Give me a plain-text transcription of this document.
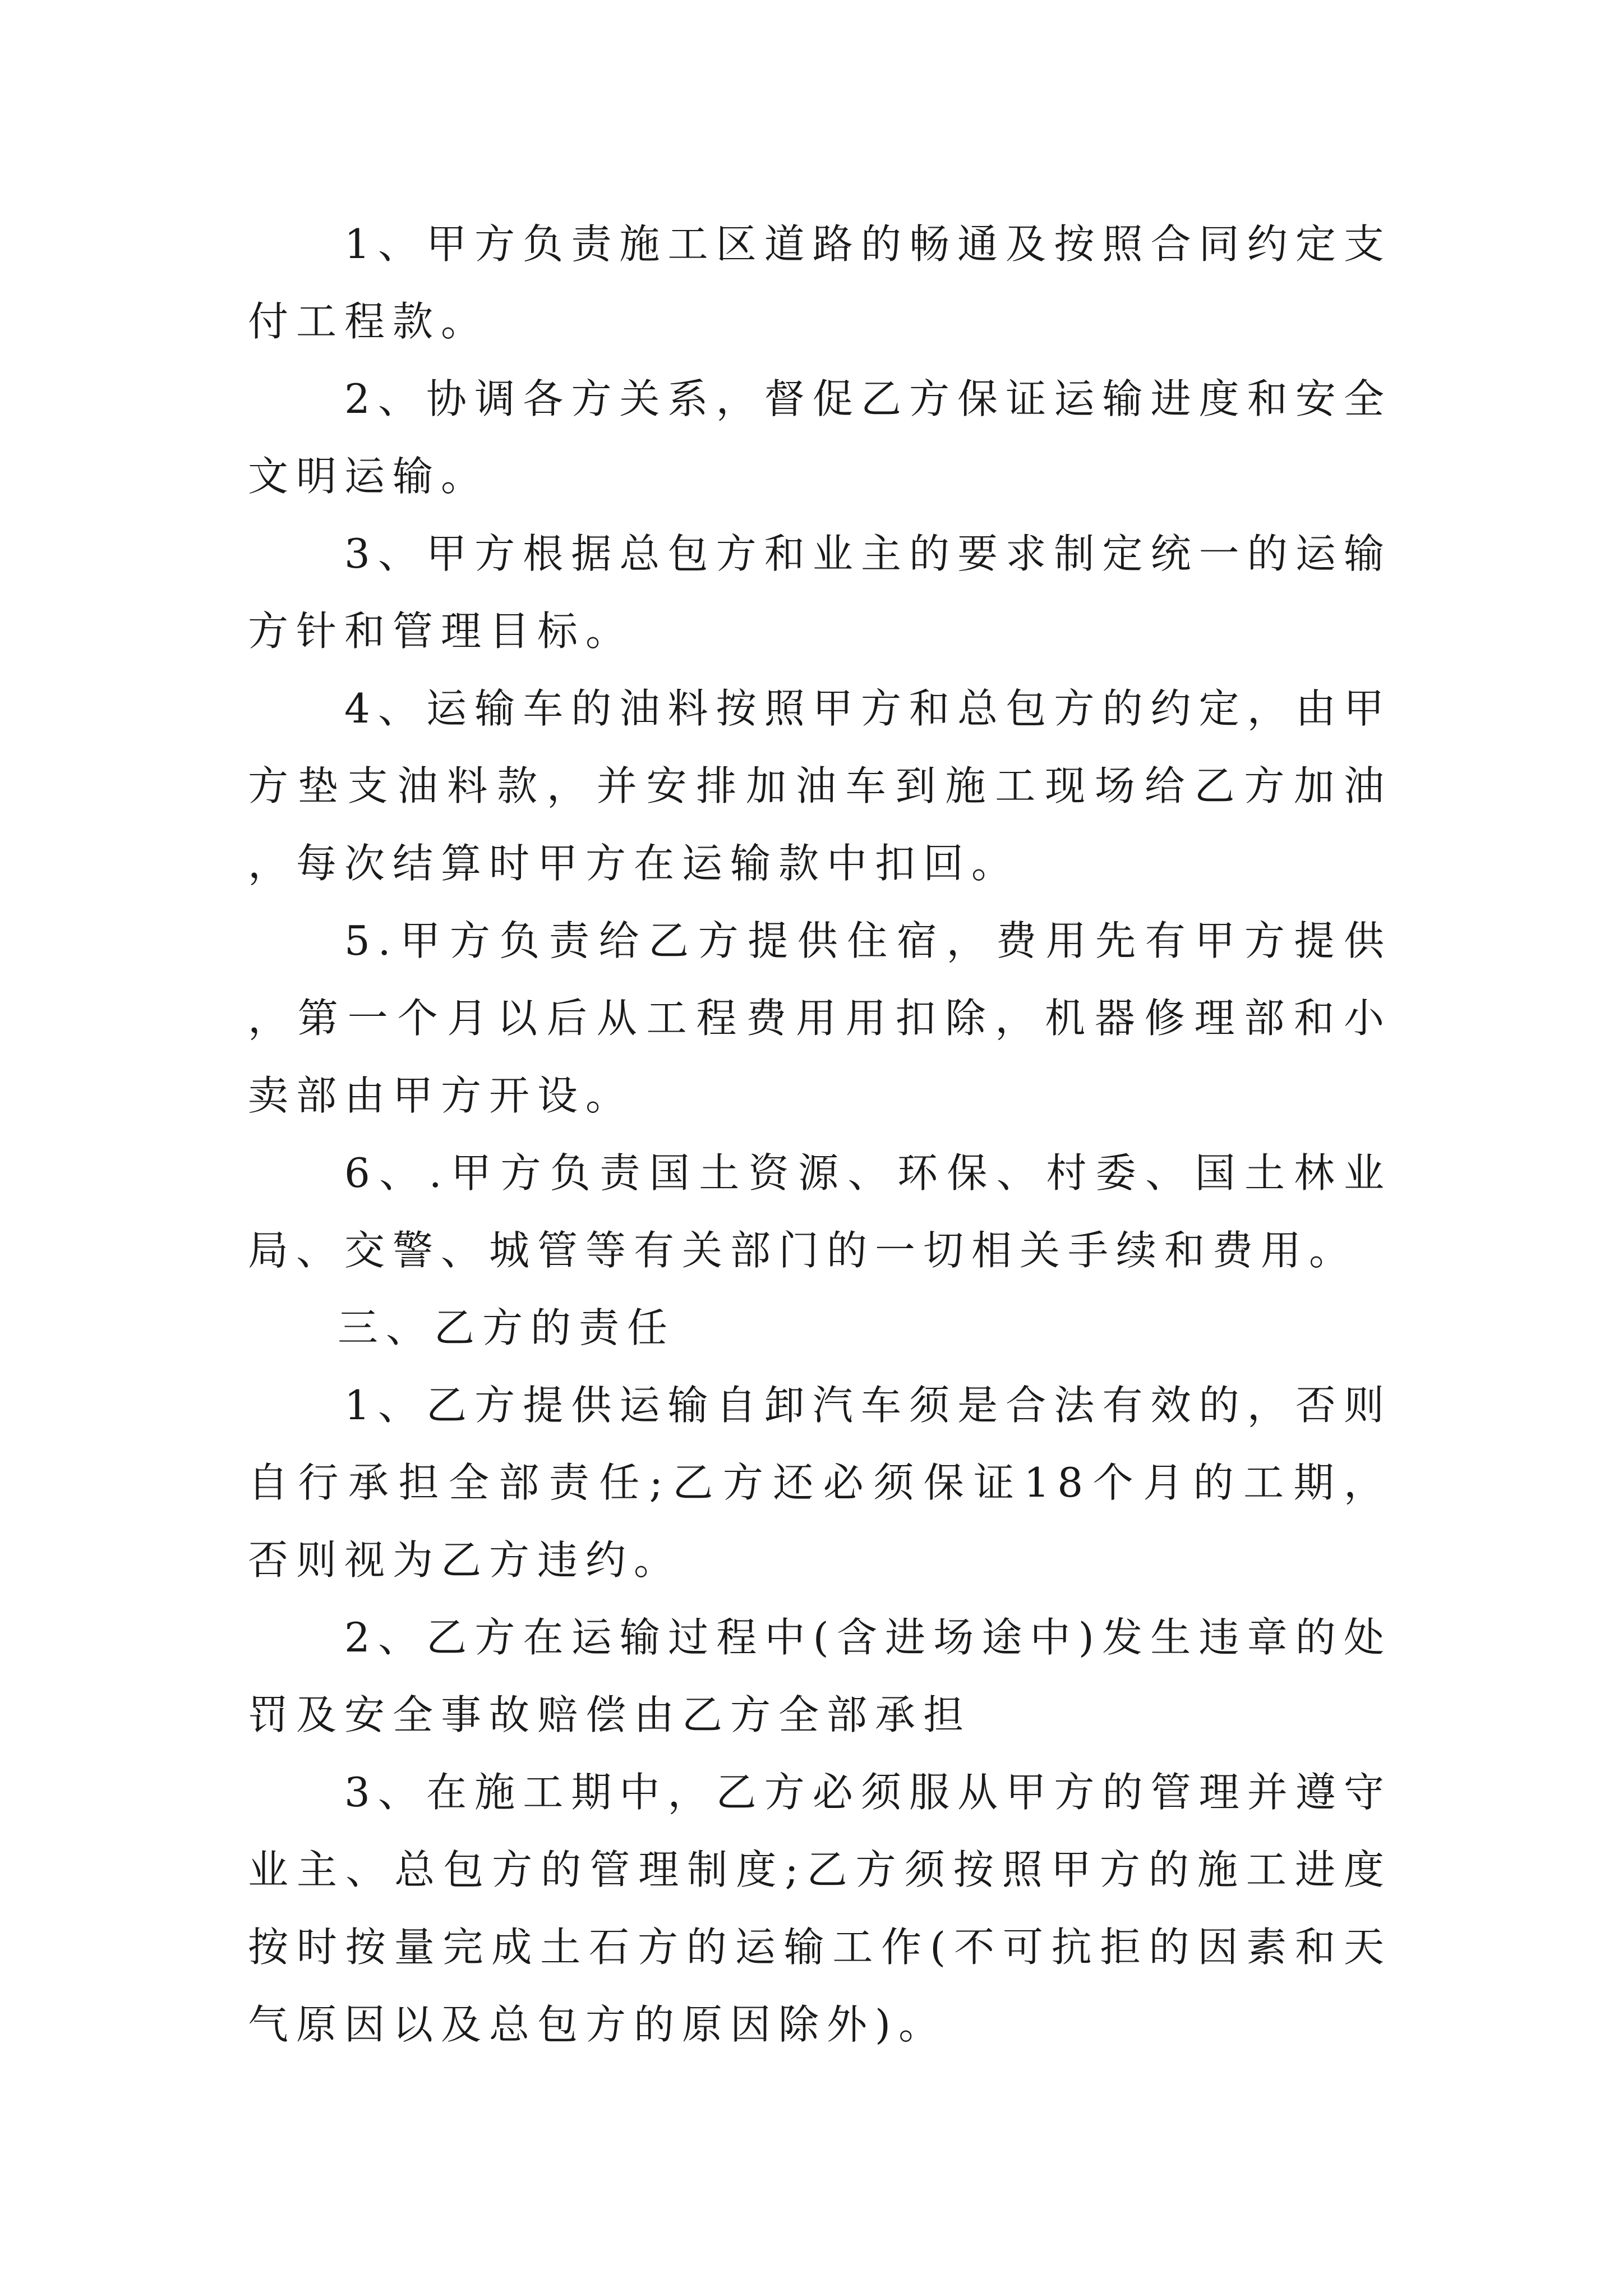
1、甲方负责施工区道路的畅通及按照合同约定支付工程款。

2、协调各方关系，督促乙方保证运输进度和安全文明运输。

3、甲方根据总包方和业主的要求制定统一的运输方针和管理目标。

4、运输车的油料按照甲方和总包方的约定，由甲方垫支油料款，并安排加油车到施工现场给乙方加油，每次结算时甲方在运输款中扣回。

5.甲方负责给乙方提供住宿，费用先有甲方提供，第一个月以后从工程费用用扣除，机器修理部和小卖部由甲方开设。

6、.甲方负责国土资源、环保、村委、国土林业局、交警、城管等有关部门的一切相关手续和费用。

三、乙方的责任

1、乙方提供运输自卸汽车须是合法有效的，否则自行承担全部责任;乙方还必须保证18个月的工期，否则视为乙方违约。

2、乙方在运输过程中(含进场途中)发生违章的处罚及安全事故赔偿由乙方全部承担

3、在施工期中，乙方必须服从甲方的管理并遵守业主、总包方的管理制度;乙方须按照甲方的施工进度按时按量完成土石方的运输工作(不可抗拒的因素和天气原因以及总包方的原因除外)。
